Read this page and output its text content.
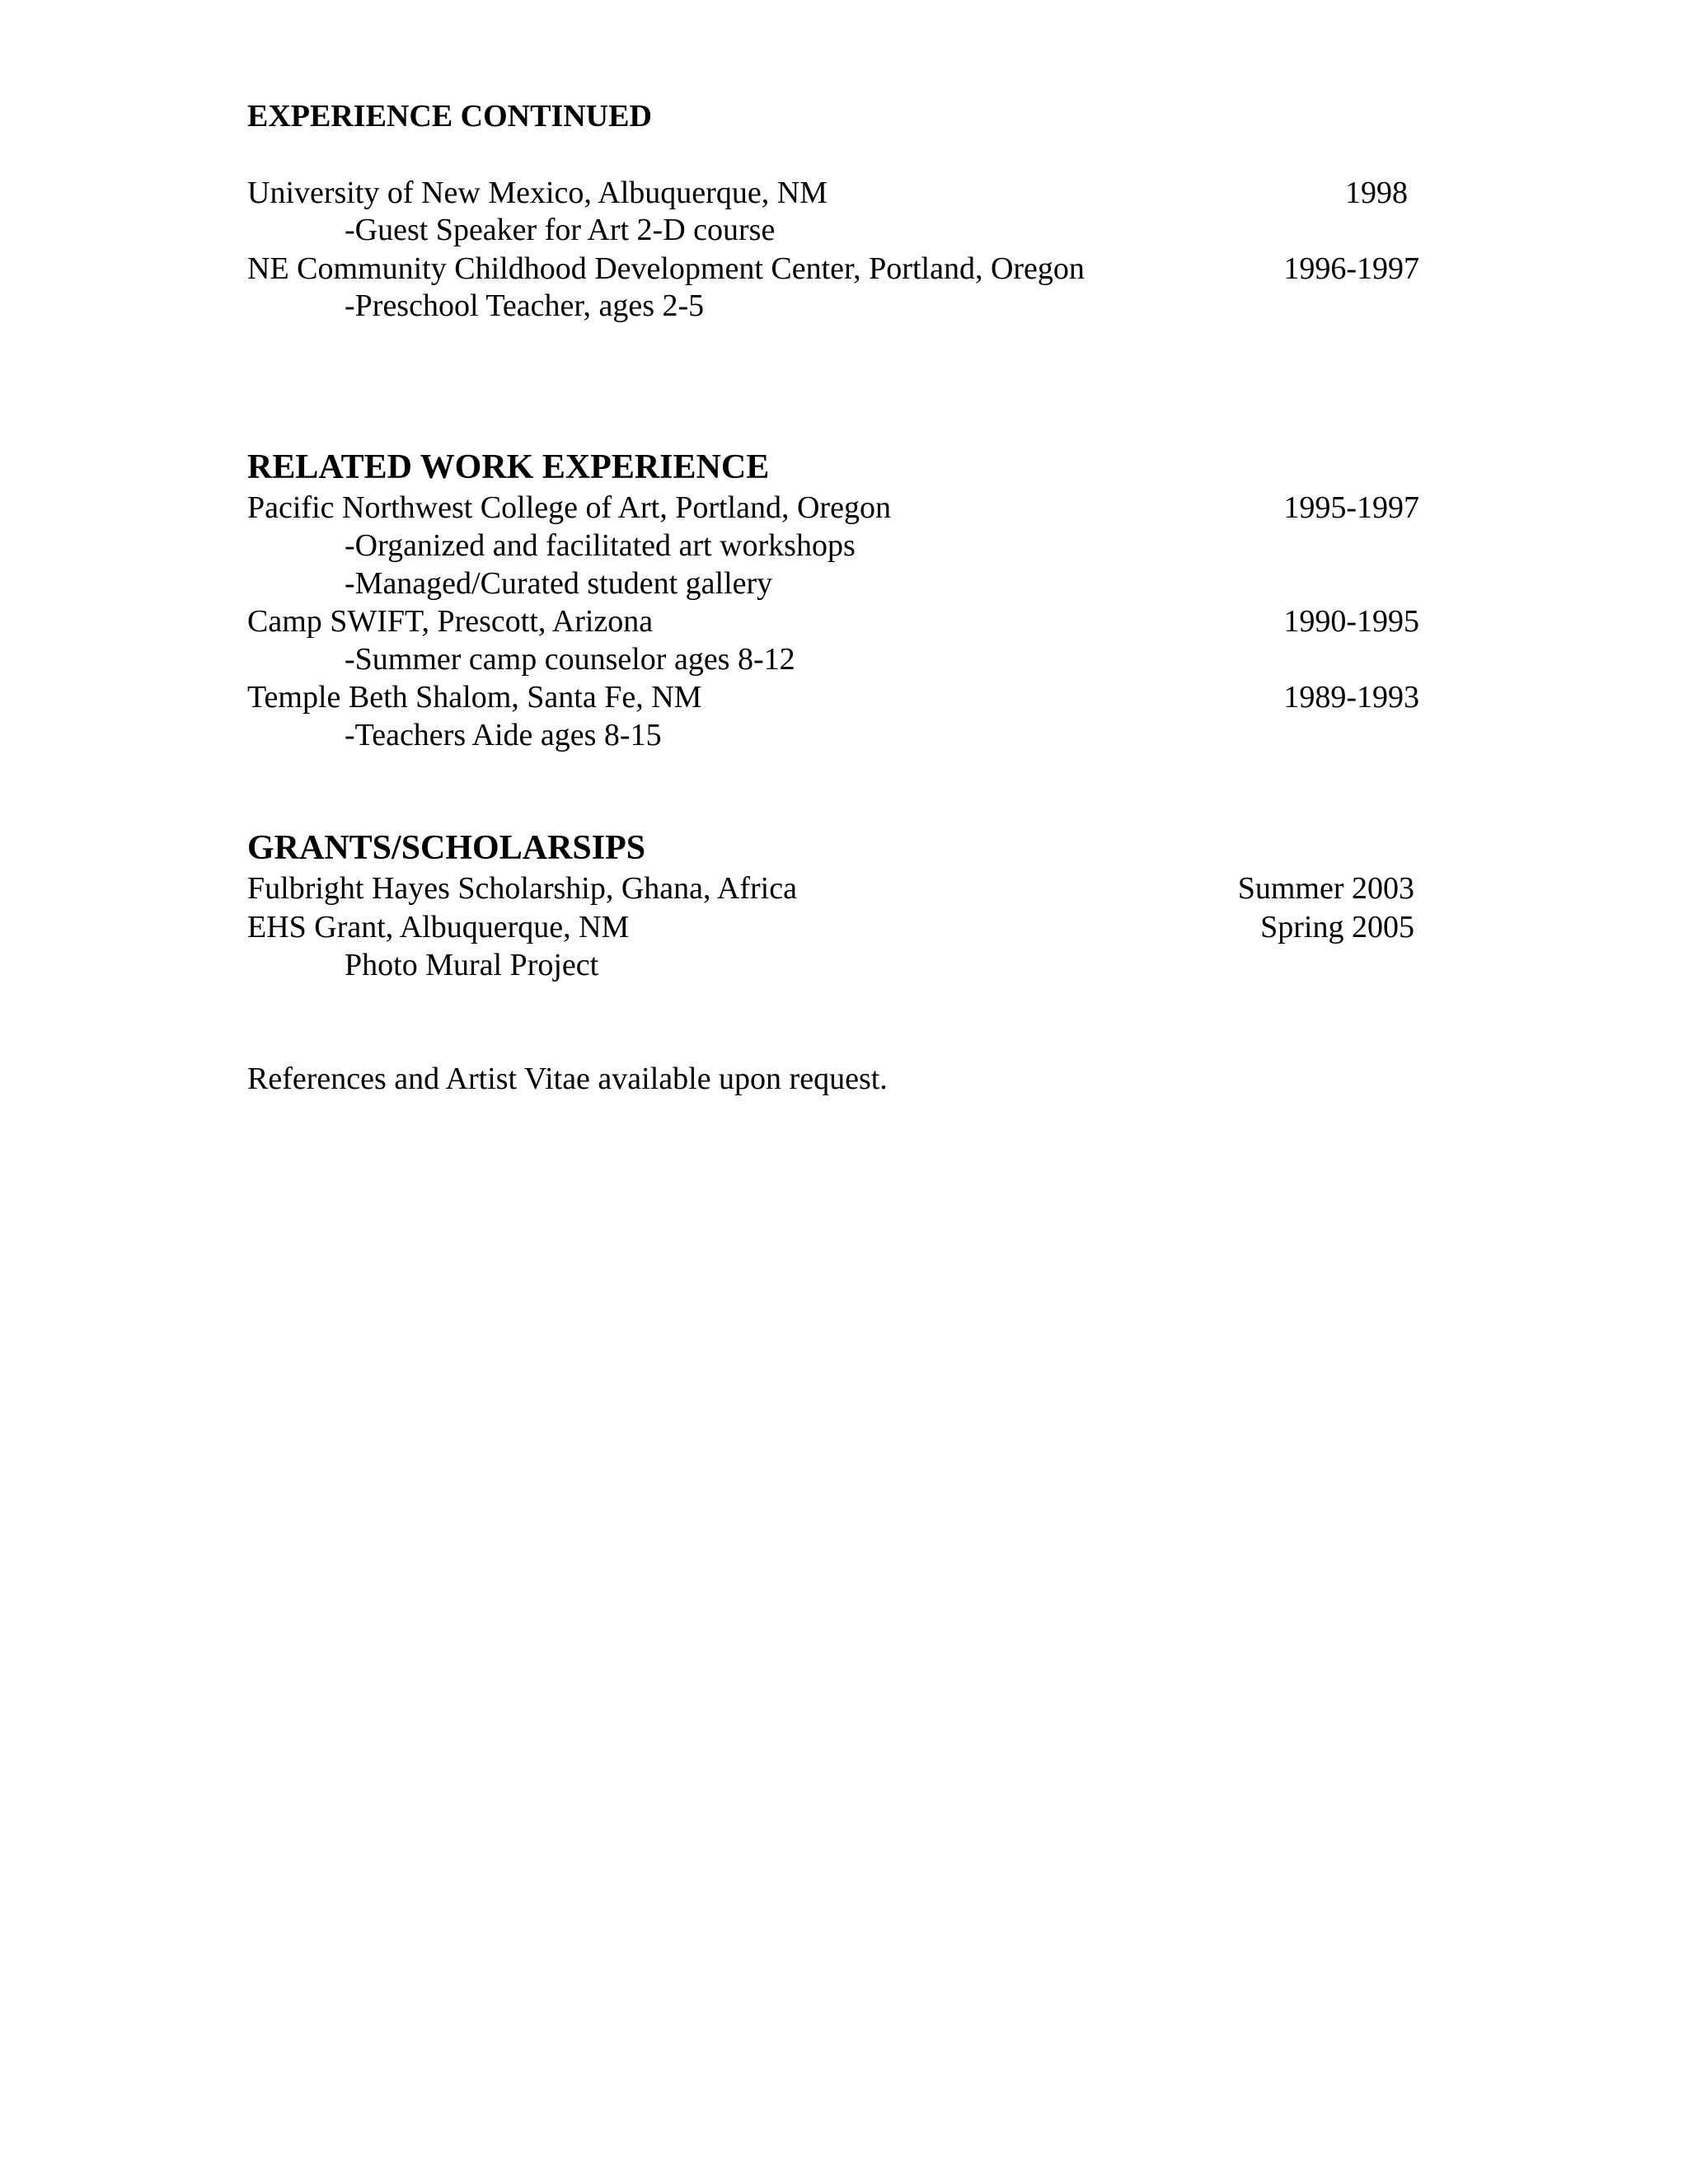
EXPERIENCE CONTINUED
University of New Mexico, Albuquerque, NM	1998
-Guest Speaker for Art 2-D course
NE Community Childhood Development Center, Portland, Oregon	1996-1997
-Preschool Teacher, ages 2-5
RELATED WORK EXPERIENCE
Pacific Northwest College of Art, Portland, Oregon	1995-1997
-Organized and facilitated art workshops
-Managed/Curated student gallery
Camp SWIFT, Prescott, Arizona	1990-1995
-Summer camp counselor ages 8-12
Temple Beth Shalom, Santa Fe, NM	1989-1993
-Teachers Aide ages 8-15
GRANTS/SCHOLARSIPS
Fulbright Hayes Scholarship, Ghana, Africa	Summer 2003
EHS Grant, Albuquerque, NM	Spring 2005
Photo Mural Project
References and Artist Vitae available upon request.
